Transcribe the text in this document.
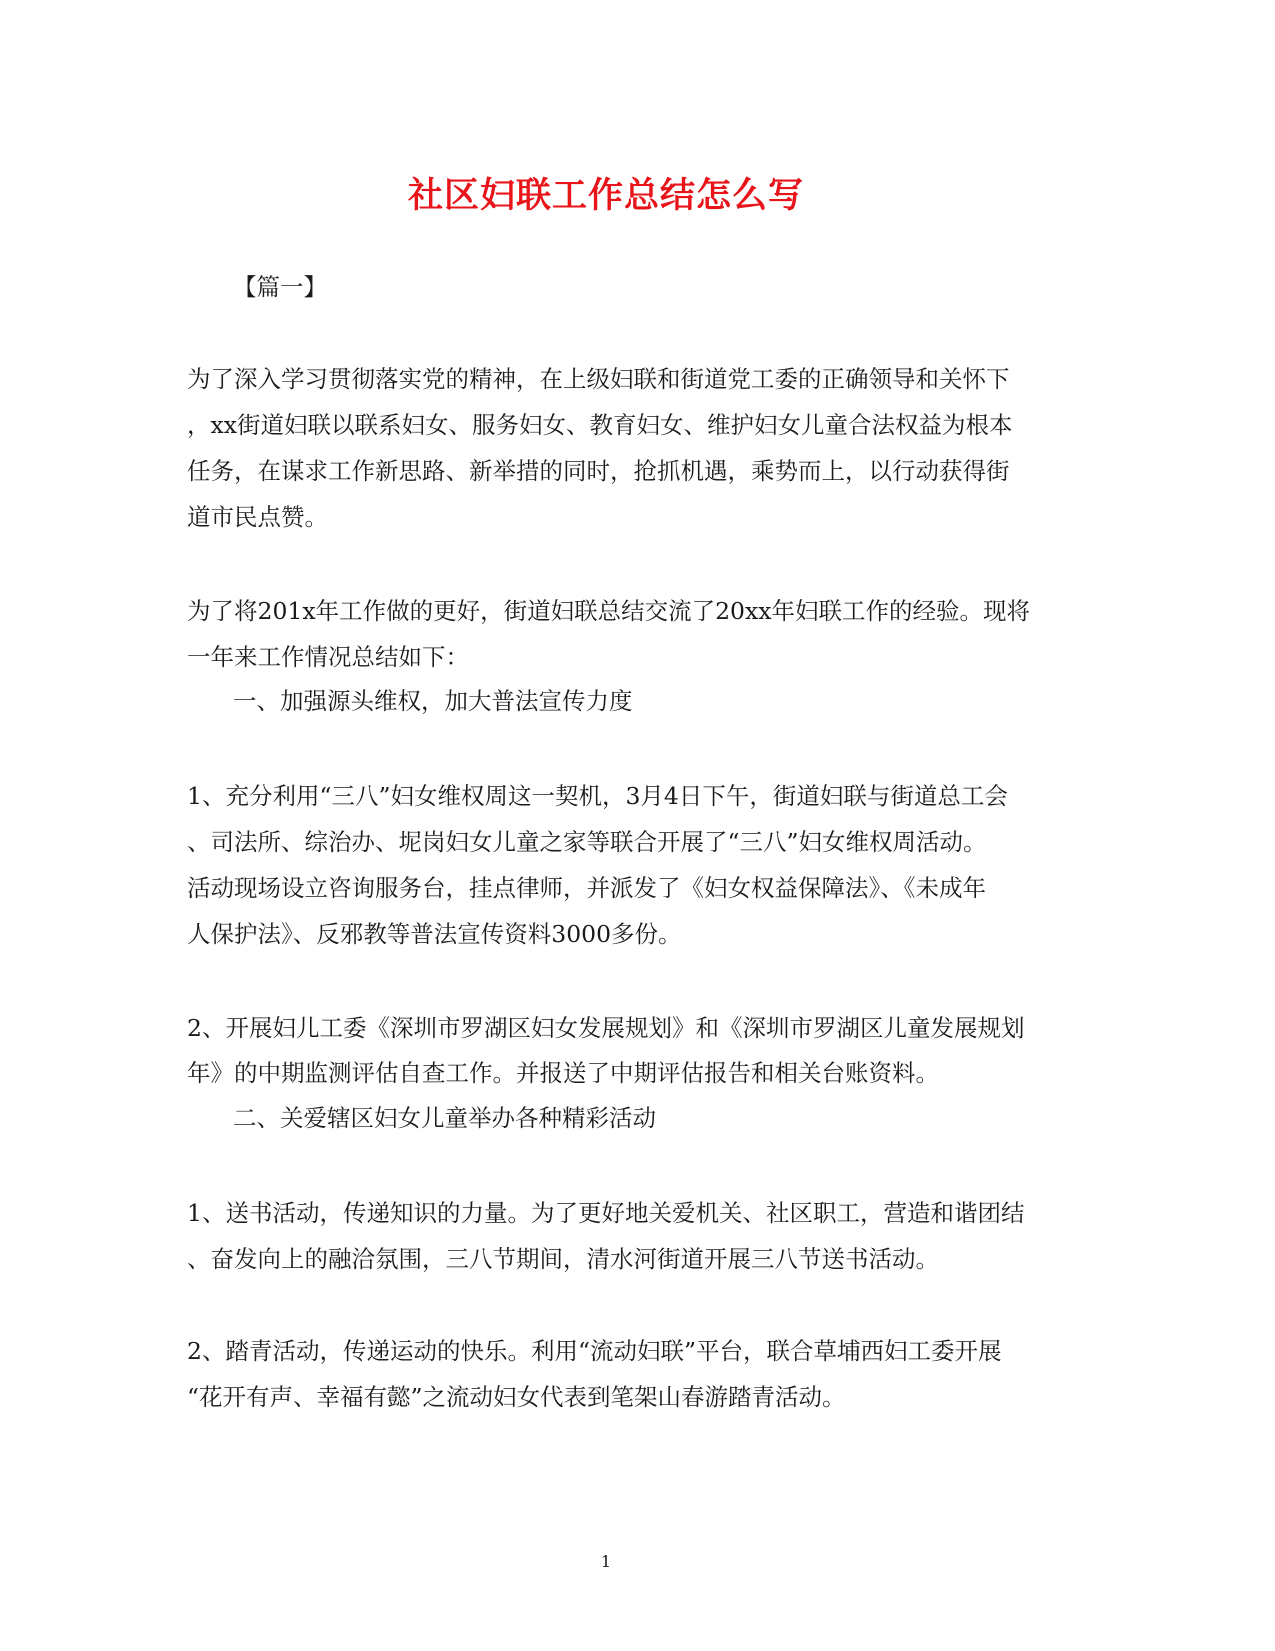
社区妇联工作总结怎么写
【篇一】
为了深入学习贯彻落实党的精神，在上级妇联和街道党工委的正确领导和关怀下
，xx街道妇联以联系妇女、服务妇女、教育妇女、维护妇女儿童合法权益为根本
任务，在谋求工作新思路、新举措的同时，抢抓机遇，乘势而上，以行动获得街
道市民点赞。
为了将201x年工作做的更好，街道妇联总结交流了20xx年妇联工作的经验。现将
一年来工作情况总结如下：
一、加强源头维权，加大普法宣传力度
1、充分利用“三八”妇女维权周这一契机，3月4日下午，街道妇联与街道总工会
、司法所、综治办、坭岗妇女儿童之家等联合开展了“三八”妇女维权周活动。
活动现场设立咨询服务台，挂点律师，并派发了《妇女权益保障法》、《未成年
人保护法》、反邪教等普法宣传资料3000多份。
2、开展妇儿工委《深圳市罗湖区妇女发展规划》和《深圳市罗湖区儿童发展规划
年》的中期监测评估自查工作。并报送了中期评估报告和相关台账资料。
二、关爱辖区妇女儿童举办各种精彩活动
1、送书活动，传递知识的力量。为了更好地关爱机关、社区职工，营造和谐团结
、奋发向上的融洽氛围，三八节期间，清水河街道开展三八节送书活动。
2、踏青活动，传递运动的快乐。利用“流动妇联”平台，联合草埔西妇工委开展
“花开有声、幸福有懿”之流动妇女代表到笔架山春游踏青活动。
1
